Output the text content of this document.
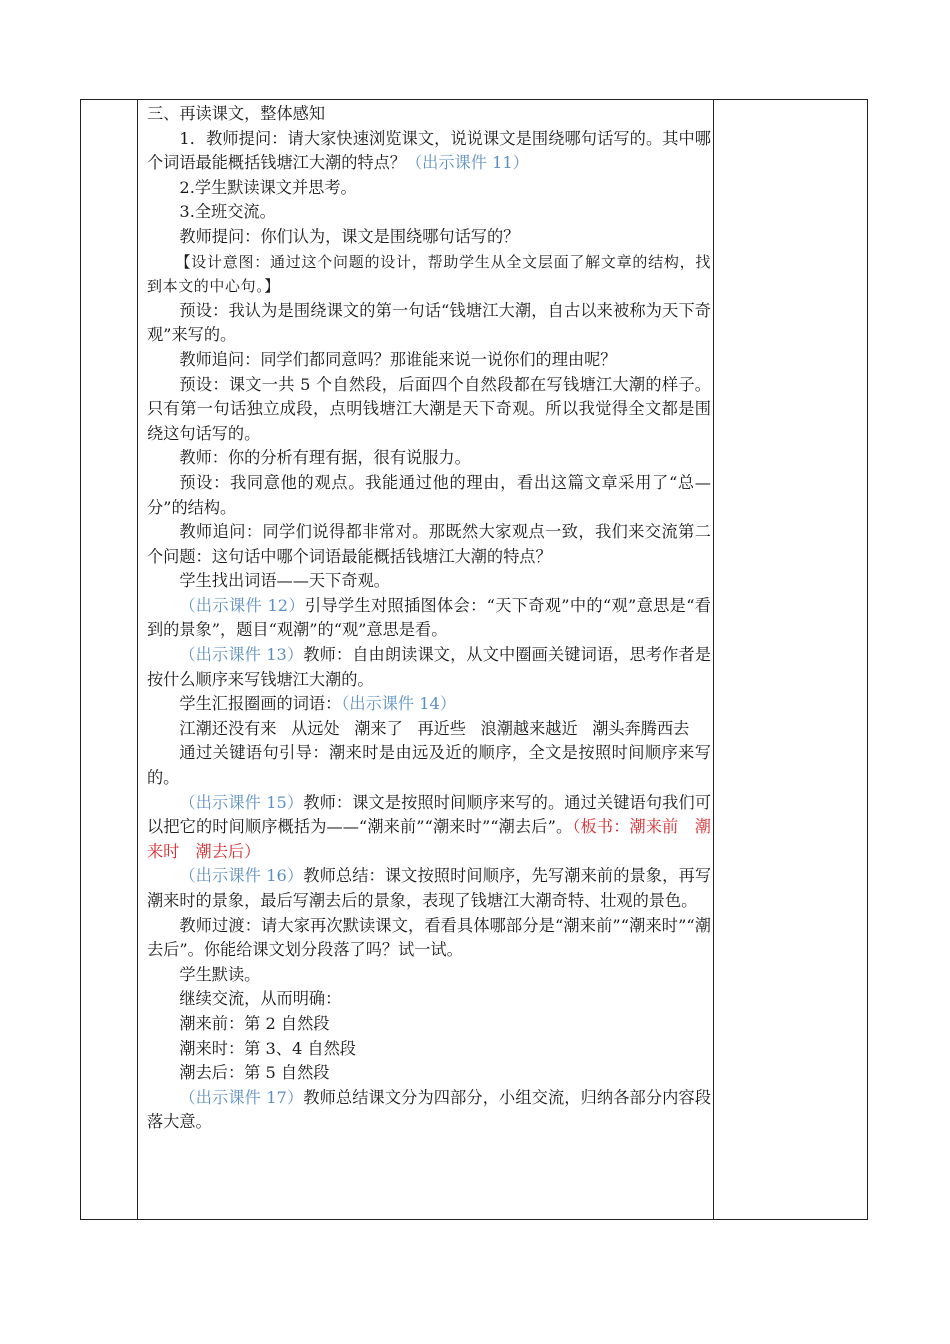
三、再读课文，整体感知

1．教师提问：请大家快速浏览课文，说说课文是围绕哪句话写的。其中哪个词语最能概括钱塘江大潮的特点？（出示课件 11）

2.学生默读课文并思考。

3.全班交流。

教师提问：你们认为，课文是围绕哪句话写的？

【设计意图：通过这个问题的设计，帮助学生从全文层面了解文章的结构，找到本文的中心句。】

预设：我认为是围绕课文的第一句话“钱塘江大潮，自古以来被称为天下奇观”来写的。

教师追问：同学们都同意吗？那谁能来说一说你们的理由呢？

预设：课文一共 5 个自然段，后面四个自然段都在写钱塘江大潮的样子。只有第一句话独立成段，点明钱塘江大潮是天下奇观。所以我觉得全文都是围绕这句话写的。

教师：你的分析有理有据，很有说服力。

预设：我同意他的观点。我能通过他的理由，看出这篇文章采用了“总—分”的结构。

教师追问：同学们说得都非常对。那既然大家观点一致，我们来交流第二个问题：这句话中哪个词语最能概括钱塘江大潮的特点？

学生找出词语——天下奇观。

（出示课件 12）引导学生对照插图体会：“天下奇观”中的“观”意思是“看到的景象”，题目“观潮”的“观”意思是看。

（出示课件 13）教师：自由朗读课文，从文中圈画关键词语，思考作者是按什么顺序来写钱塘江大潮的。

学生汇报圈画的词语：（出示课件 14）

江潮还没有来 从远处 潮来了 再近些 浪潮越来越近 潮头奔腾西去

通过关键语句引导：潮来时是由远及近的顺序，全文是按照时间顺序来写的。

（出示课件 15）教师：课文是按照时间顺序来写的。通过关键语句我们可以把它的时间顺序概括为——“潮来前”“潮来时”“潮去后”。（板书：潮来前　潮来时　潮去后）

（出示课件 16）教师总结：课文按照时间顺序，先写潮来前的景象，再写潮来时的景象，最后写潮去后的景象，表现了钱塘江大潮奇特、壮观的景色。

教师过渡：请大家再次默读课文，看看具体哪部分是“潮来前”“潮来时”“潮去后”。你能给课文划分段落了吗？试一试。

学生默读。

继续交流，从而明确：

潮来前：第 2 自然段

潮来时：第 3、4 自然段

潮去后：第 5 自然段

（出示课件 17）教师总结课文分为四部分，小组交流，归纳各部分内容段落大意。
